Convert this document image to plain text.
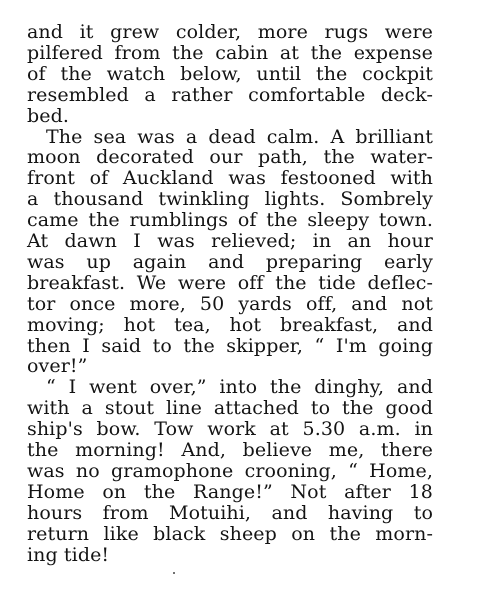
and it grew colder, more rugs were
pilfered from the cabin at the expense
of the watch below, until the cockpit
resembled a rather comfortable deck-
bed.
The sea was a dead calm. A brilliant
moon decorated our path, the water-
front of Auckland was festooned with
a thousand twinkling lights. Sombrely
came the rumblings of the sleepy town.
At dawn I was relieved; in an hour
was up again and preparing early
breakfast. We were off the tide deflec-
tor once more, 50 yards off, and not
moving; hot tea, hot breakfast, and
then I said to the skipper, “ I'm going
over!”
“ I went over,” into the dinghy, and
with a stout line attached to the good
ship's bow. Tow work at 5.30 a.m. in
the morning! And, believe me, there
was no gramophone crooning, “ Home,
Home on the Range!” Not after 18
hours from Motuihi, and having to
return like black sheep on the morn-
ing tide!
